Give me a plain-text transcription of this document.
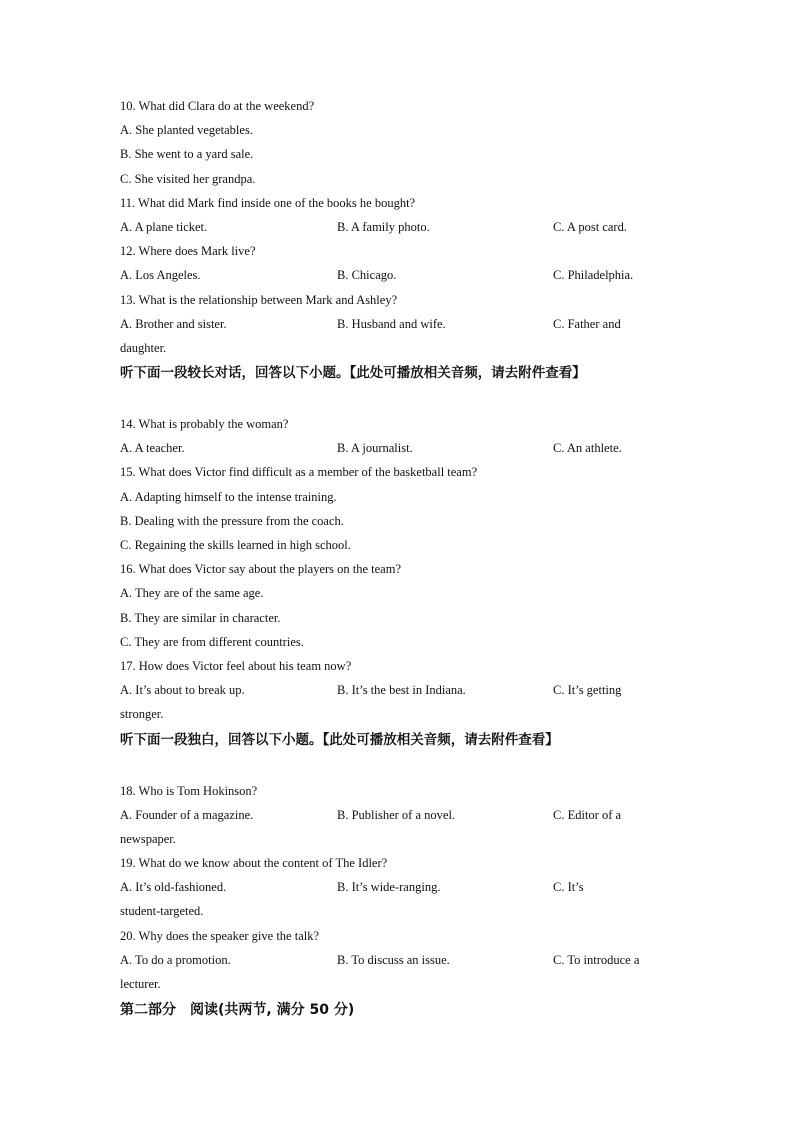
10. What did Clara do at the weekend?
A. She planted vegetables.
B. She went to a yard sale.
C. She visited her grandpa.
11. What did Mark find inside one of the books he bought?
A. A plane ticket.	B. A family photo.	C. A post card.
12. Where does Mark live?
A. Los Angeles.	B. Chicago.	C. Philadelphia.
13. What is the relationship between Mark and Ashley?
A. Brother and sister.	B. Husband and wife.	C. Father and
daughter.
听下面一段较长对话，回答以下小题。【此处可播放相关音频，请去附件查看】
14. What is probably the woman?
A. A teacher.	B. A journalist.	C. An athlete.
15. What does Victor find difficult as a member of the basketball team?
A. Adapting himself to the intense training.
B. Dealing with the pressure from the coach.
C. Regaining the skills learned in high school.
16. What does Victor say about the players on the team?
A. They are of the same age.
B. They are similar in character.
C. They are from different countries.
17. How does Victor feel about his team now?
A. It’s about to break up.	B. It’s the best in Indiana.	C. It’s getting
stronger.
听下面一段独白，回答以下小题。【此处可播放相关音频，请去附件查看】
18. Who is Tom Hokinson?
A. Founder of a magazine.	B. Publisher of a novel.	C. Editor of a
newspaper.
19. What do we know about the content of The Idler?
A. It’s old-fashioned.	B. It’s wide-ranging.	C. It’s
student-targeted.
20. Why does the speaker give the talk?
A. To do a promotion.	B. To discuss an issue.	C. To introduce a
lecturer.
第二部分　阅读(共两节, 满分 50 分)
